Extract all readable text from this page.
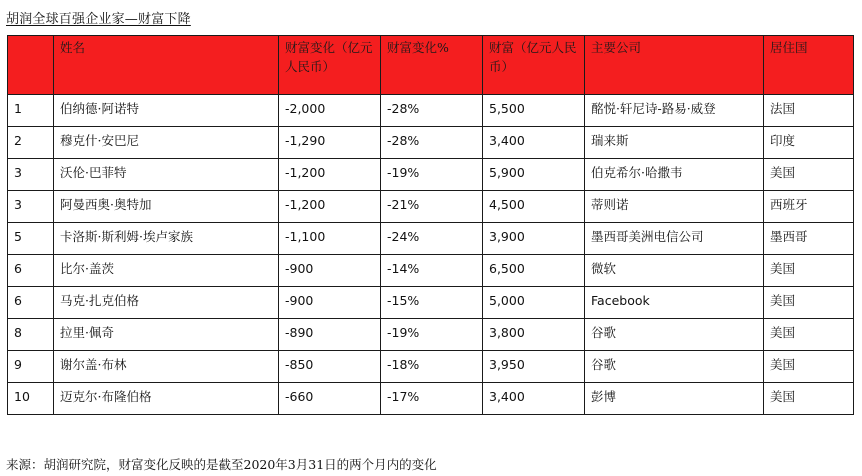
胡润全球百强企业家—财富下降
	姓名	财富变化（亿元人民币）	财富变化%	财富（亿元人民币）	主要公司	居住国
1	伯纳德·阿诺特	-2,000	-28%	5,500	酩悦·轩尼诗-路易·威登	法国
2	穆克什·安巴尼	-1,290	-28%	3,400	瑞来斯	印度
3	沃伦·巴菲特	-1,200	-19%	5,900	伯克希尔·哈撒韦	美国
3	阿曼西奥·奥特加	-1,200	-21%	4,500	蒂则诺	西班牙
5	卡洛斯·斯利姆·埃卢家族	-1,100	-24%	3,900	墨西哥美洲电信公司	墨西哥
6	比尔·盖茨	-900	-14%	6,500	微软	美国
6	马克·扎克伯格	-900	-15%	5,000	Facebook	美国
8	拉里·佩奇	-890	-19%	3,800	谷歌	美国
9	谢尔盖·布林	-850	-18%	3,950	谷歌	美国
10	迈克尔·布隆伯格	-660	-17%	3,400	彭博	美国
来源：胡润研究院，财富变化反映的是截至2020年3月31日的两个月内的变化
